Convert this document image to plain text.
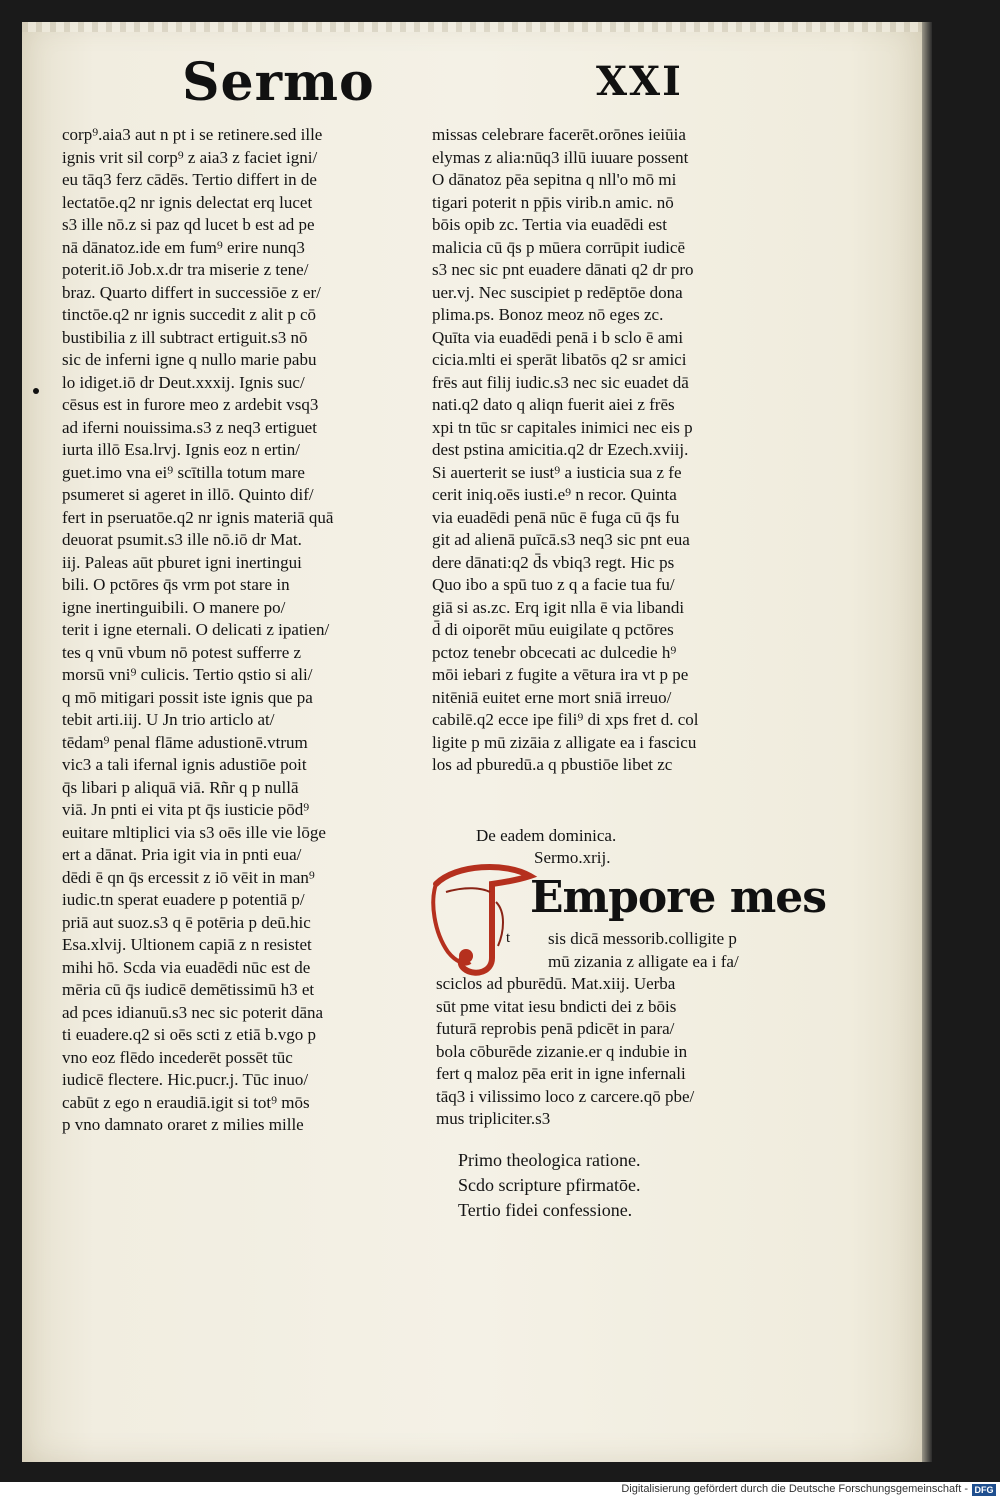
Sermo	XXI
corp⁹.aia3 aut n pt i se retinere.sed ille
ignis vrit sil corp⁹ z aia3 z faciet igni/
eu tāq3 ferz cādēs. Tertio differt in de
lectatōe.q2 nr ignis delectat erq lucet
s3 ille nō.z si paz qd lucet b est ad pe
nā dānatoz.ide em fum⁹ erire nunq3
poterit.iō Job.x.dr tra miserie z tene/
braz. Quarto differt in successiōe z er/
tinctōe.q2 nr ignis succedit z alit p cō
bustibilia z ill subtract ertiguit.s3 nō
sic de inferni igne q nullo marie pabu
lo idiget.iō dr Deut.xxxij. Ignis suc/
cēsus est in furore meo z ardebit vsq3
ad iferni nouissima.s3 z neq3 ertiguet
iurta illō Esa.lrvj. Ignis eoz n ertin/
guet.imo vna ei⁹ scītilla totum mare
psumeret si ageret in illō. Quinto dif/
fert in pseruatōe.q2 nr ignis materiā quā
deuorat psumit.s3 ille nō.iō dr Mat.
iij. Paleas aūt pburet igni inertingui
bili. O pctōres q̄s vrm pot stare in
igne inertinguibili. O manere po/
terit i igne eternali. O delicati z ipatien/
tes q vnū vbum nō potest sufferre z
morsū vni⁹ culicis. Tertio qstio si ali/
q mō mitigari possit iste ignis que pa
tebit arti.iij. U Jn trio articlo at/
tēdam⁹ penal flāme adustionē.vtrum
vic3 a tali ifernal ignis adustiōe poit
q̄s libari p aliquā viā. Rñr q p nullā
viā. Jn pnti ei vita pt q̄s iusticie pōd⁹
euitare mltiplici via s3 oēs ille vie lōge
ert a dānat. Pria igit via in pnti eua/
dēdi ē qn q̄s ercessit z iō vēit in man⁹
iudic.tn sperat euadere p potentiā p/
priā aut suoz.s3 q ē potēria p deū.hic
Esa.xlvij. Ultionem capiā z n resistet
mihi hō. Scda via euadēdi nūc est de
mēria cū q̄s iudicē demētissimū h3 et
ad pces idianuū.s3 nec sic poterit dāna
ti euadere.q2 si oēs scti z etiā b.vgo p
vno eoz flēdo incederēt possēt tūc
iudicē flectere. Hic.pucr.j. Tūc inuo/
cabūt z ego n eraudiā.igit si tot⁹ mōs
p vno damnato oraret z milies mille
missas celebrare facerēt.orōnes ieiūia
elymas z alia:nūq3 illū iuuare possent
O dānatoz pēa sepitna q nll'o mō mi
tigari poterit n pp̄is virib.n amic. nō
bōis opib zc. Tertia via euadēdi est
malicia cū q̄s p mūera corrūpit iudicē
s3 nec sic pnt euadere dānati q2 dr pro
uer.vj. Nec suscipiet p redēptōe dona
plima.ps. Bonoz meoz nō eges zc.
Quīta via euadēdi penā i b sclo ē ami
cicia.mlti ei sperāt libatōs q2 sr amici
frēs aut filij iudic.s3 nec sic euadet dā
nati.q2 dato q aliqn fuerit aiei z frēs
xpi tn tūc sr capitales inimici nec eis p
dest pstina amicitia.q2 dr Ezech.xviij.
Si auerterit se iust⁹ a iusticia sua z fe
cerit iniq.oēs iusti.e⁹ n recor. Quinta
via euadēdi penā nūc ē fuga cū q̄s fu
git ad alienā puīcā.s3 neq3 sic pnt eua
dere dānati:q2 d̄s vbiq3 regt. Hic ps
Quo ibo a spū tuo z q a facie tua fu/
giā si as.zc. Erq igit nlla ē via libandi
d̄ di oiporēt mūu euigilate q pctōres
pctoz tenebr obcecati ac dulcedie h⁹
mōi iebari z fugite a vētura ira vt p pe
nitēniā euitet erne mort sniā irreuo/
cabilē.q2 ecce ipe fili⁹ di xps fret d. col
ligite p mū zizāia z alligate ea i fascicu
los ad pburedū.a q pbustiōe libet zc
De eadem dominica.
Sermo.xrij.
Empore mes
t sis dicā messorib.colligite p
mū zizania z alligate ea i fa/
sciclos ad pburēdū. Mat.xiij. Uerba
sūt pme vitat iesu bndicti dei z bōis
futurā reprobis penā pdicēt in para/
bola cōburēde zizanie.er q indubie in
fert q maloz pēa erit in igne infernali
tāq3 i vilissimo loco z carcere.qō pbe/
mus tripliciter.s3
Primo theologica ratione.
Scdo scripture pfirmatōe.
Tertio fidei confessione.
Digitalisierung gefördert durch die Deutsche Forschungsgemeinschaft - DFG
